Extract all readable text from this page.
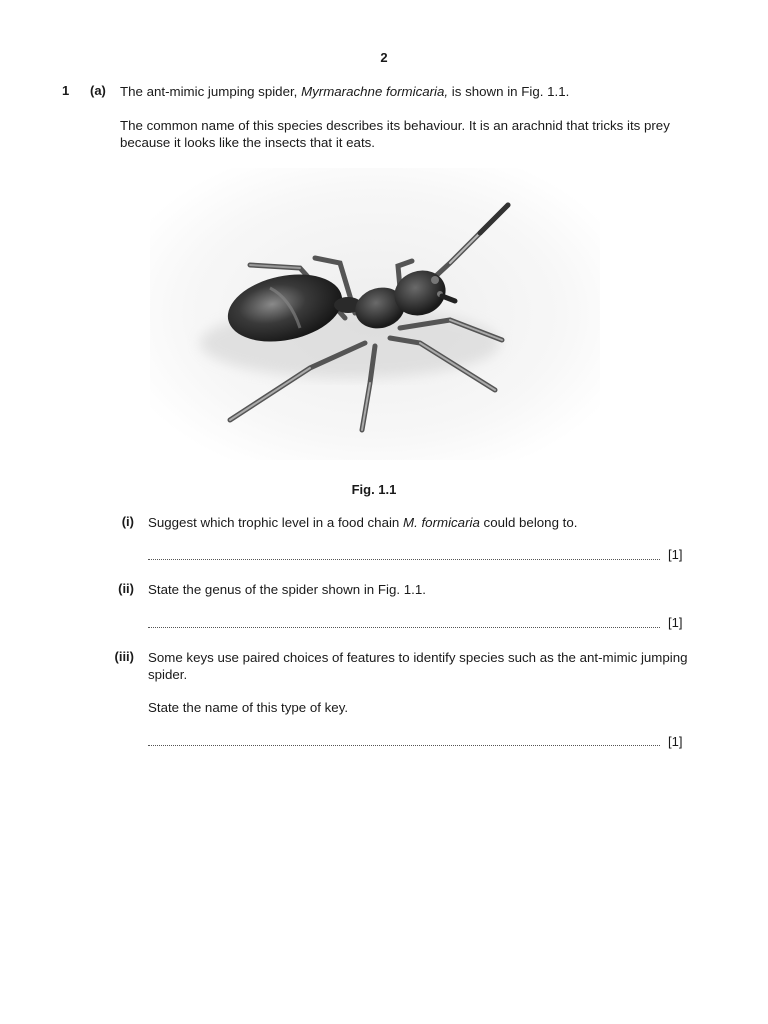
2
1 (a) The ant-mimic jumping spider, Myrmarachne formicaria, is shown in Fig. 1.1.
The common name of this species describes its behaviour. It is an arachnid that tricks its prey because it looks like the insects that it eats.
Fig. 1.1
(i) Suggest which trophic level in a food chain M. formicaria could belong to.
[1]
(ii) State the genus of the spider shown in Fig. 1.1.
[1]
(iii) Some keys use paired choices of features to identify species such as the ant-mimic jumping spider.
State the name of this type of key.
[1]
